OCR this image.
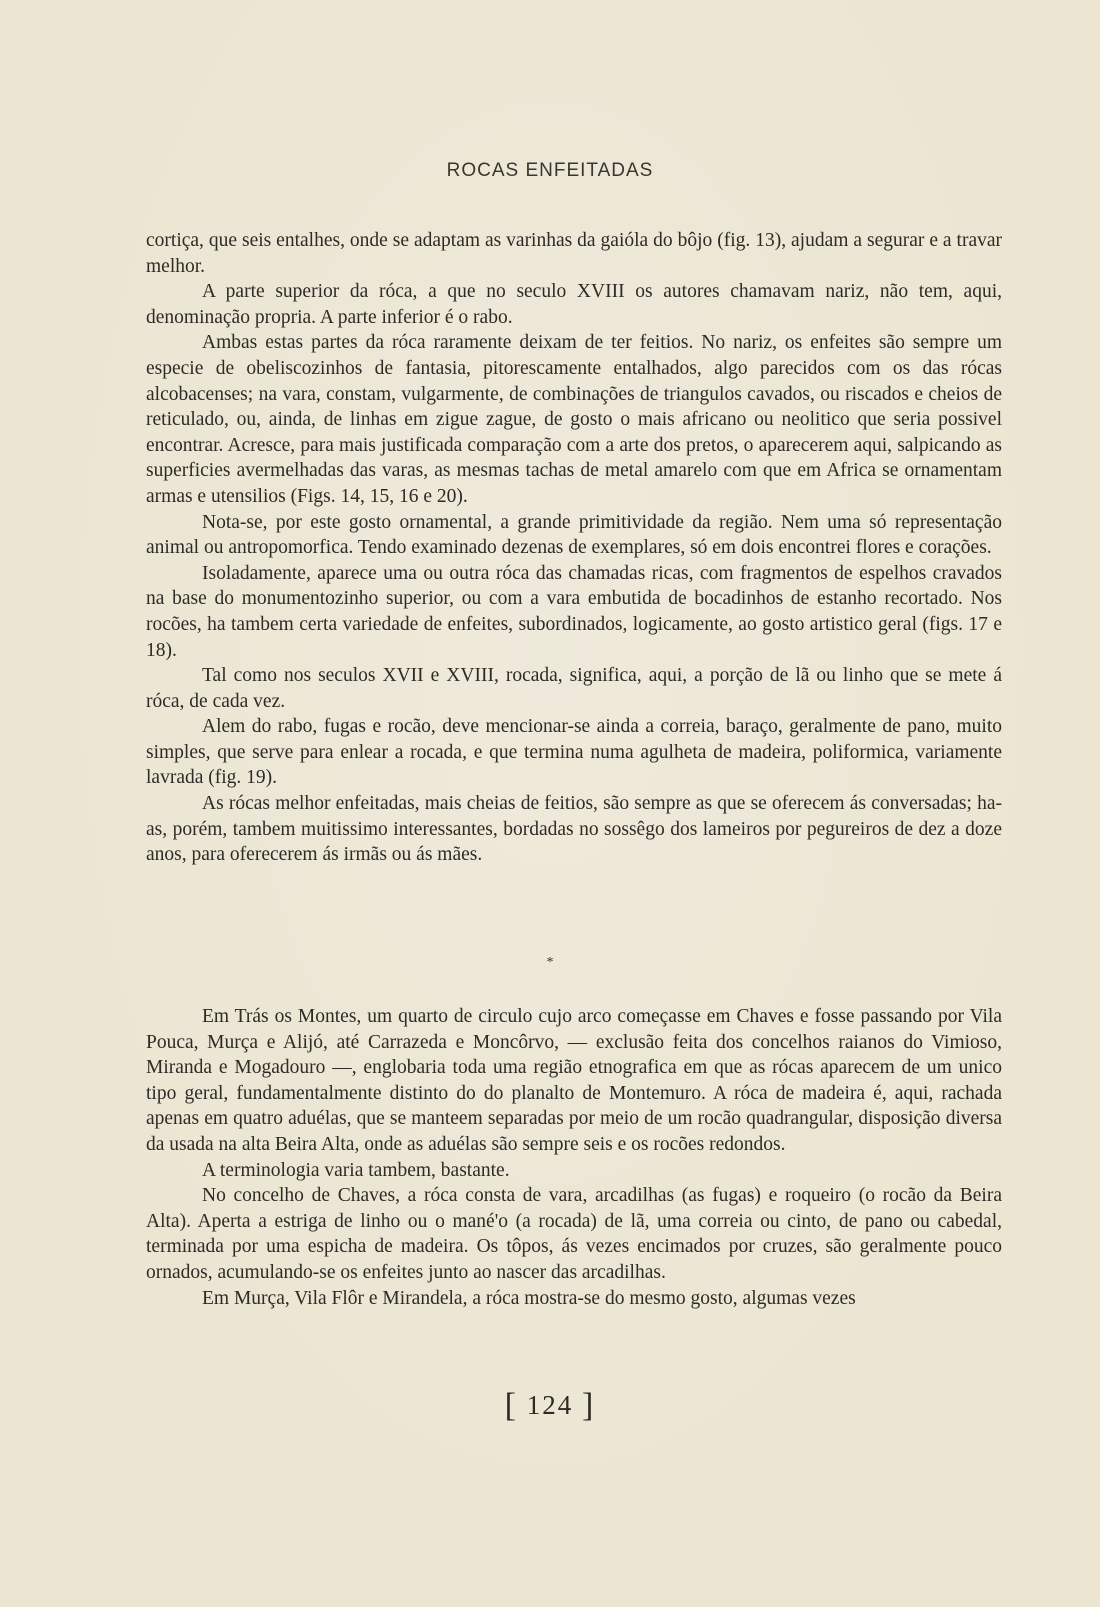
ROCAS ENFEITADAS

cortiça, que seis entalhes, onde se adaptam as varinhas da gaióla do bôjo (fig. 13), ajudam a segurar e a travar melhor.

A parte superior da róca, a que no seculo XVIII os autores chamavam nariz, não tem, aqui, denominação propria. A parte inferior é o rabo.

Ambas estas partes da róca raramente deixam de ter feitios. No nariz, os enfeites são sempre um especie de obeliscozinhos de fantasia, pitorescamente entalhados, algo parecidos com os das rócas alcobacenses; na vara, constam, vulgarmente, de combinações de triangulos cavados, ou riscados e cheios de reticulado, ou, ainda, de linhas em zigue zague, de gosto o mais africano ou neolitico que seria possivel encontrar. Acresce, para mais justificada comparação com a arte dos pretos, o aparecerem aqui, salpicando as superficies avermelhadas das varas, as mesmas tachas de metal amarelo com que em Africa se ornamentam armas e utensilios (Figs. 14, 15, 16 e 20).

Nota-se, por este gosto ornamental, a grande primitividade da região. Nem uma só representação animal ou antropomorfica. Tendo examinado dezenas de exemplares, só em dois encontrei flores e corações.

Isoladamente, aparece uma ou outra róca das chamadas ricas, com fragmentos de espelhos cravados na base do monumentozinho superior, ou com a vara embutida de bocadinhos de estanho recortado. Nos rocões, ha tambem certa variedade de enfeites, subordinados, logicamente, ao gosto artistico geral (figs. 17 e 18).

Tal como nos seculos XVII e XVIII, rocada, significa, aqui, a porção de lã ou linho que se mete á róca, de cada vez.

Alem do rabo, fugas e rocão, deve mencionar-se ainda a correia, baraço, geralmente de pano, muito simples, que serve para enlear a rocada, e que termina numa agulheta de madeira, poliformica, variamente lavrada (fig. 19).

As rócas melhor enfeitadas, mais cheias de feitios, são sempre as que se oferecem ás conversadas; ha-as, porém, tambem muitissimo interessantes, bordadas no sossêgo dos lameiros por pegureiros de dez a doze anos, para oferecerem ás irmãs ou ás mães.

*

Em Trás os Montes, um quarto de circulo cujo arco começasse em Chaves e fosse passando por Vila Pouca, Murça e Alijó, até Carrazeda e Moncôrvo, — exclusão feita dos concelhos raianos do Vimioso, Miranda e Mogadouro —, englobaria toda uma região etnografica em que as rócas aparecem de um unico tipo geral, fundamentalmente distinto do do planalto de Montemuro. A róca de madeira é, aqui, rachada apenas em quatro aduélas, que se manteem separadas por meio de um rocão quadrangular, disposição diversa da usada na alta Beira Alta, onde as aduélas são sempre seis e os rocões redondos.

A terminologia varia tambem, bastante.

No concelho de Chaves, a róca consta de vara, arcadilhas (as fugas) e roqueiro (o rocão da Beira Alta). Aperta a estriga de linho ou o mané'o (a rocada) de lã, uma correia ou cinto, de pano ou cabedal, terminada por uma espicha de madeira. Os tôpos, ás vezes encimados por cruzes, são geralmente pouco ornados, acumulando-se os enfeites junto ao nascer das arcadilhas.

Em Murça, Vila Flôr e Mirandela, a róca mostra-se do mesmo gosto, algumas vezes

[ 124 ]
